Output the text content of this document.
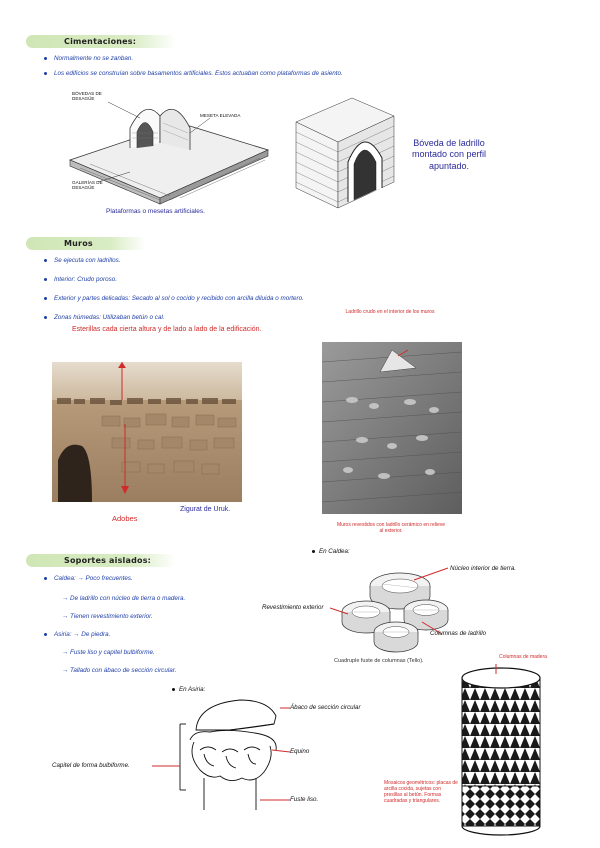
Cimentaciones:
Normalmente no se zanban.
Los edificios se construían sobre basamentos artificiales. Estos actuaban como plataformas de asiento.
BÓVEDAS DE DESAGÜE
MESETA ELEVADA
GALERÍAS DE DESAGÜE
Plataformas o mesetas artificiales.
Bóveda de ladrillo montado con perfil apuntado.
Muros
Se ejecuta con ladrillos.
Interior: Crudo poroso.
Exterior y partes delicadas: Secado al sol o cocido y recibido con arcilla diluida o mortero.
Zonas húmedas: Utilizaban betún o cal.
Esterillas cada cierta altura y de lado a lado de la edificación.
Adobes
Zigurat de Uruk.
Ladrillo crudo en el interior de los muros
Muros revestidos con ladrillo cerámico en relieve al exterior.
Soportes aislados:
Caldea: → Poco frecuentes.
→ De ladrillo con núcleo de tierra o madera.
→ Tienen revestimiento exterior.
Asiria: → De piedra.
→ Fuste liso y capitel bulbiforme.
→ Tallado con ábaco de sección circular.
En Caldea:
Núcleo interior de tierra.
Revestimiento exterior
Columnas de ladrillo
Cuadruple fuste de columnas (Tello).
En Asiria:
Ábaco de sección circular
Equino
Capitel de forma bulbiforme.
Fuste liso.
Columnas de madera
Mosaicos geométricos: placas de arcilla cocida, sujetas con presillas al betún. Formas cuadradas y triangulares.
